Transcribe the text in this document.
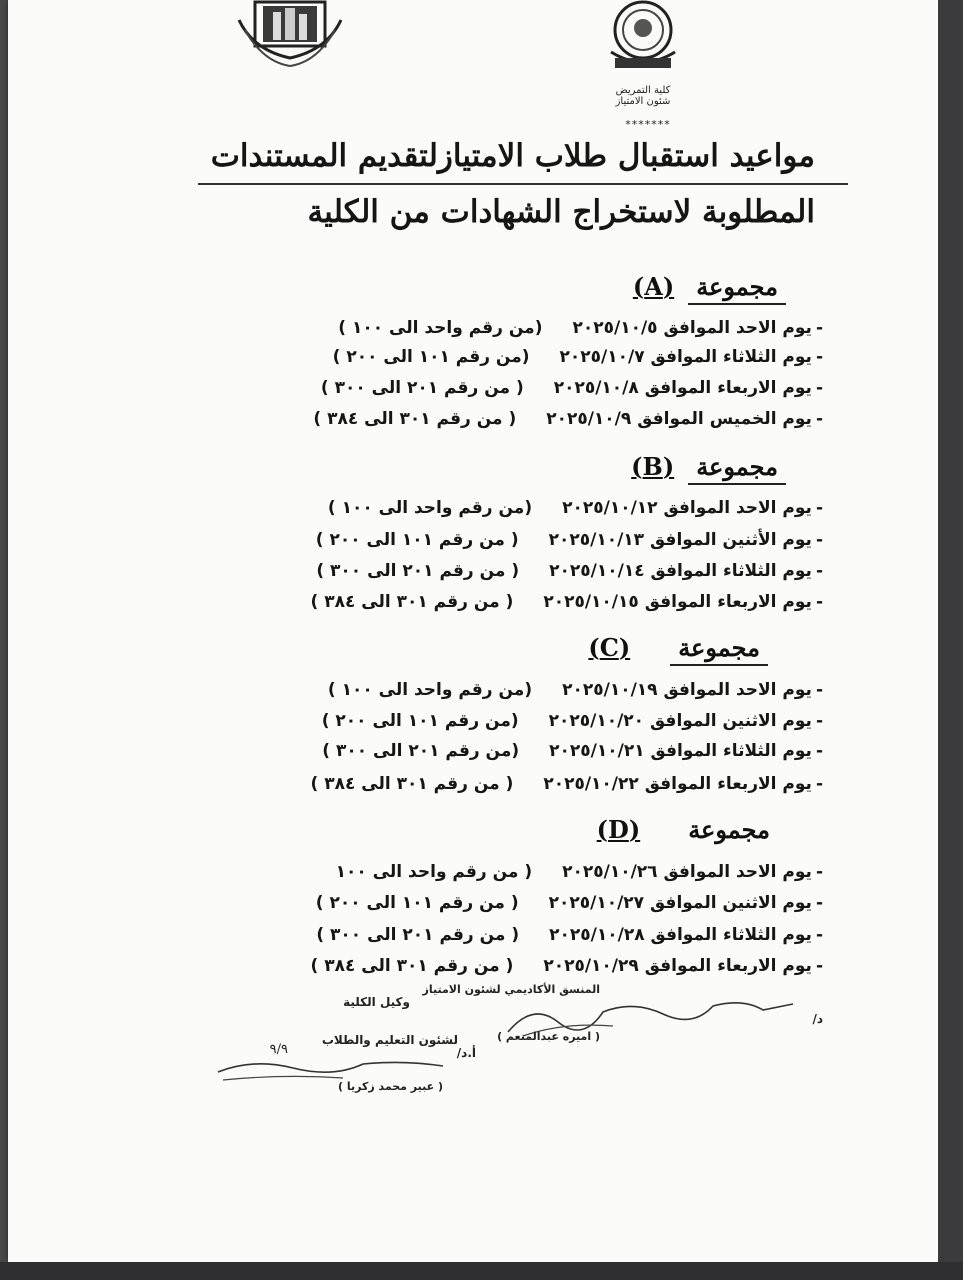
كلية التمريض
شئون الامتياز
*******
مواعيد استقبال طلاب الامتيازلتقديم المستندات
المطلوبة لاستخراج الشهادات من الكلية
مجموعة(A)
-يوم الاحد الموافق ٢٠٢٥/١٠/٥(من رقم واحد الى ١٠٠ )
-يوم الثلاثاء الموافق ٢٠٢٥/١٠/٧(من رقم ١٠١ الى ٢٠٠ )
-يوم الاربعاء الموافق ٢٠٢٥/١٠/٨( من رقم ٢٠١ الى ٣٠٠ )
-يوم الخميس الموافق ٢٠٢٥/١٠/٩( من رقم ٣٠١ الى ٣٨٤ )
مجموعة(B)
-يوم الاحد الموافق ٢٠٢٥/١٠/١٢(من رقم واحد الى ١٠٠ )
-يوم الأثنين الموافق ٢٠٢٥/١٠/١٣( من رقم ١٠١ الى ٢٠٠ )
-يوم الثلاثاء الموافق ٢٠٢٥/١٠/١٤( من رقم ٢٠١ الى ٣٠٠ )
-يوم الاربعاء الموافق ٢٠٢٥/١٠/١٥( من رقم ٣٠١ الى ٣٨٤ )
مجموعة(C)
-يوم الاحد الموافق ٢٠٢٥/١٠/١٩(من رقم واحد الى ١٠٠ )
-يوم الاثنين الموافق ٢٠٢٥/١٠/٢٠(من رقم ١٠١ الى ٢٠٠ )
-يوم الثلاثاء الموافق ٢٠٢٥/١٠/٢١(من رقم ٢٠١ الى ٣٠٠ )
-يوم الاربعاء الموافق ٢٠٢٥/١٠/٢٢( من رقم ٣٠١ الى ٣٨٤ )
مجموعة(D)
-يوم الاحد الموافق ٢٠٢٥/١٠/٢٦( من رقم واحد الى ١٠٠
-يوم الاثنين الموافق ٢٠٢٥/١٠/٢٧( من رقم ١٠١ الى ٢٠٠ )
-يوم الثلاثاء الموافق ٢٠٢٥/١٠/٢٨( من رقم ٢٠١ الى ٣٠٠ )
-يوم الاربعاء الموافق ٢٠٢٥/١٠/٢٩( من رقم ٣٠١ الى ٣٨٤ )
المنسق الأكاديمي لشئون الامتياز
د/
( اميره عبدالمنعم )
وكيل الكلية
لشئون التعليم والطلاب
أ.د/
٩/٩
( عبير محمد زكريا )
